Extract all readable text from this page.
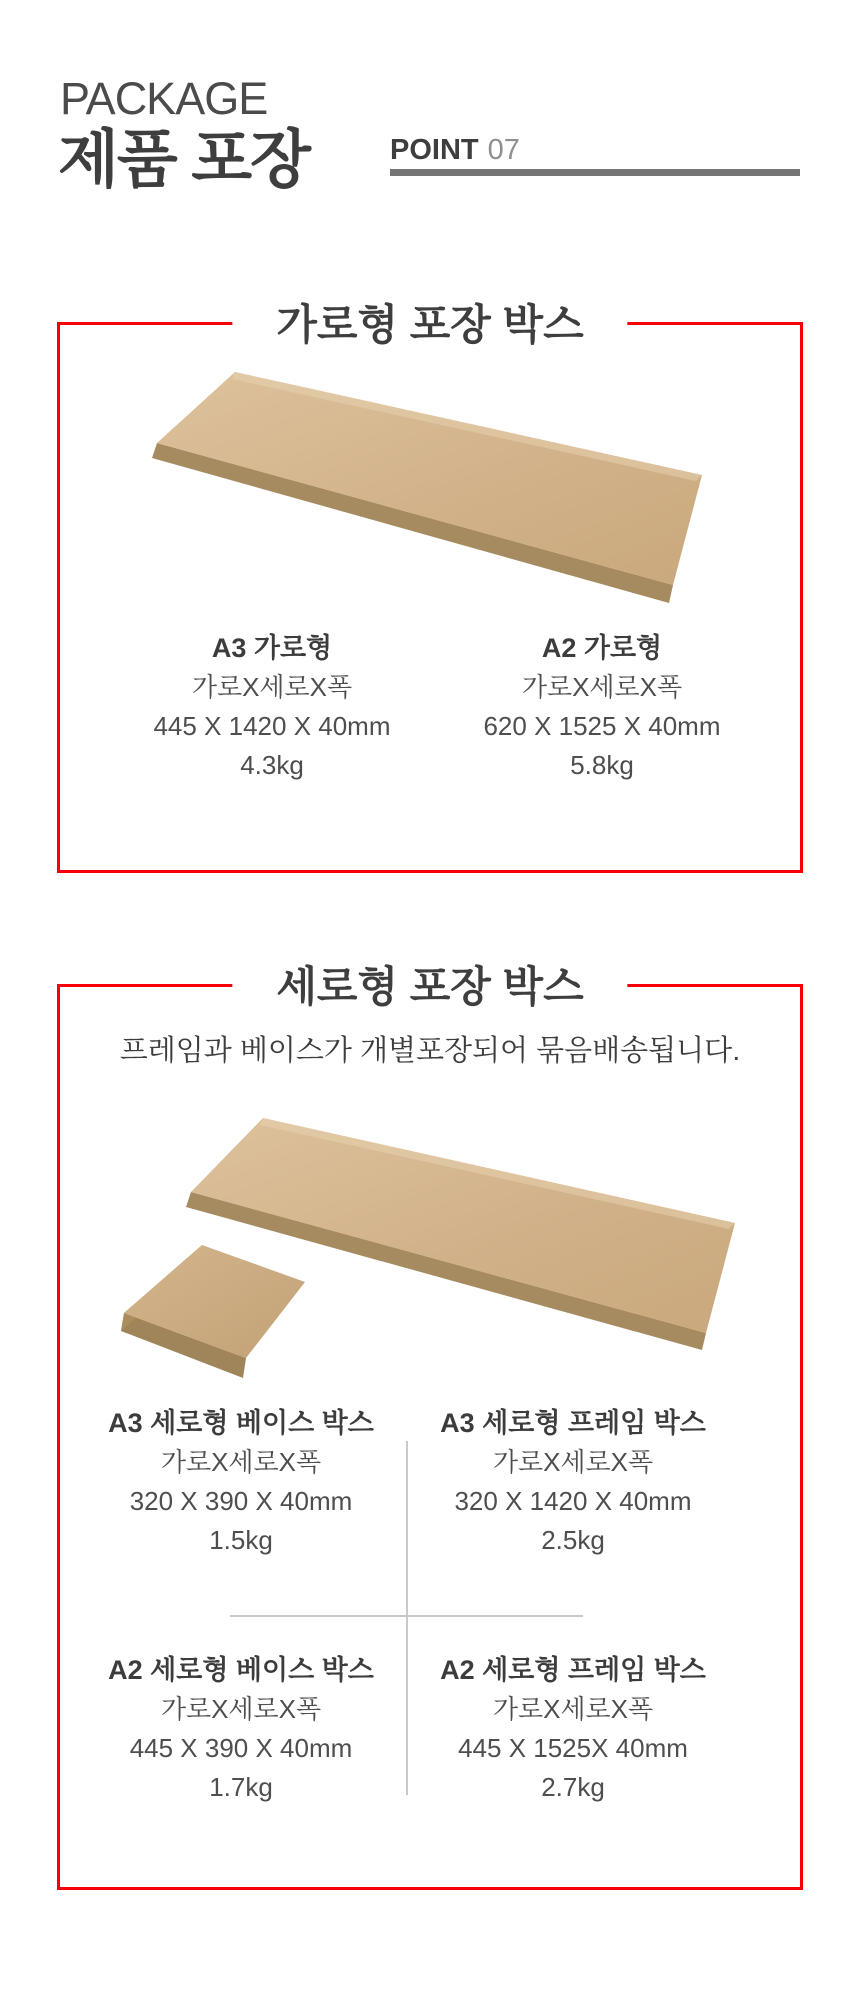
PACKAGE
제품 포장	POINT 07
가로형 포장 박스

A3 가로형

가로X세로X폭

445 X 1420 X 40mm

4.3kg

A2 가로형

가로X세로X폭

620 X 1525 X 40mm

5.8kg

세로형 포장 박스

프레임과 베이스가 개별포장되어 묶음배송됩니다.

A3 세로형 베이스 박스

가로X세로X폭

320 X 390 X 40mm

1.5kg

A3 세로형 프레임 박스

가로X세로X폭

320 X 1420 X 40mm

2.5kg

A2 세로형 베이스 박스

가로X세로X폭

445 X 390 X 40mm

1.7kg

A2 세로형 프레임 박스

가로X세로X폭

445 X 1525X 40mm

2.7kg
